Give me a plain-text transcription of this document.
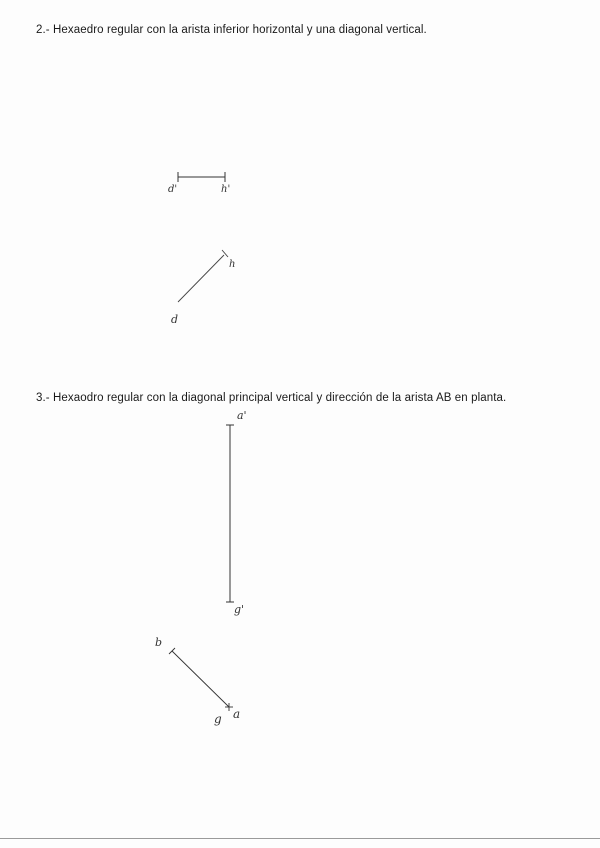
2.- Hexaedro regular con la arista inferior horizontal y una diagonal vertical.
3.- Hexaodro regular con la diagonal principal vertical y dirección de la arista AB en planta.
d'	h'
h
d
a'
g'
b
g a
